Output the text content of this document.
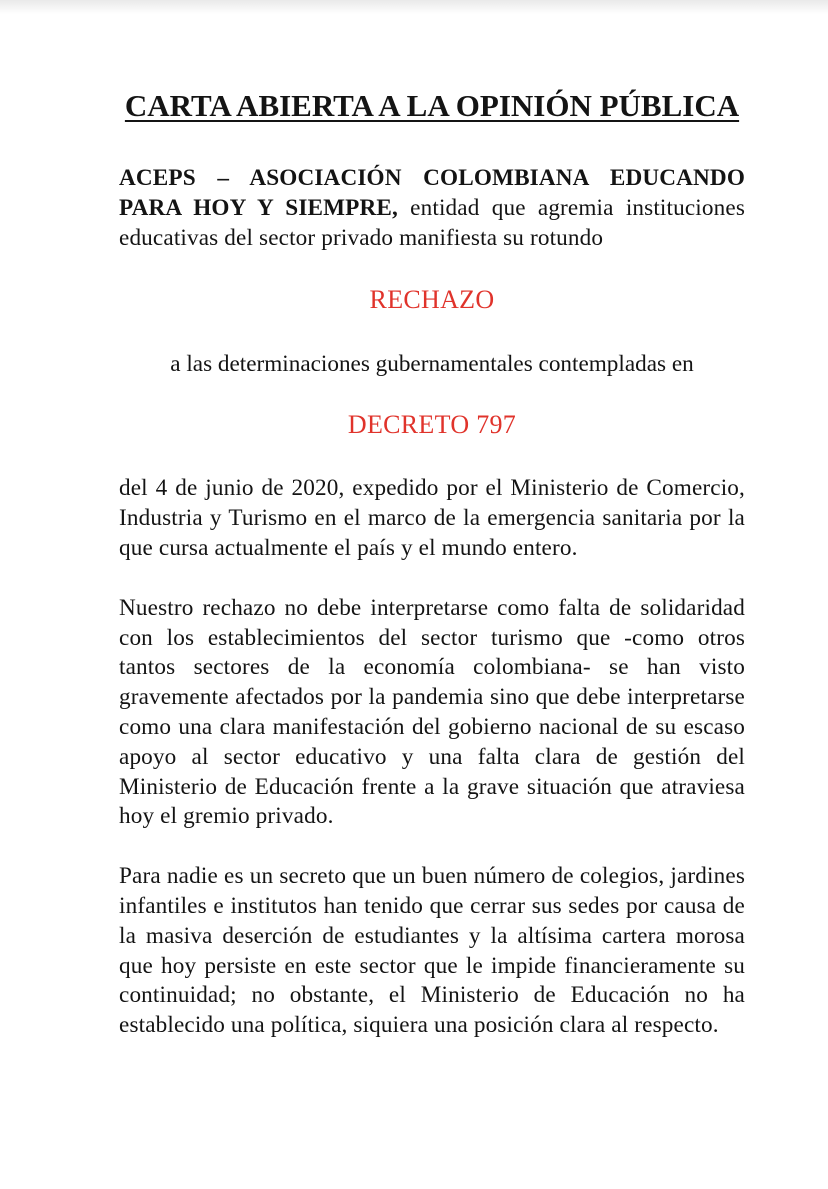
CARTA ABIERTA A LA OPINIÓN PÚBLICA

ACEPS – ASOCIACIÓN COLOMBIANA EDUCANDO PARA HOY Y SIEMPRE, entidad que agremia instituciones educativas del sector privado manifiesta su rotundo

RECHAZO

a las determinaciones gubernamentales contempladas en

DECRETO 797

del 4 de junio de 2020, expedido por el Ministerio de Comercio, Industria y Turismo en el marco de la emergencia sanitaria por la que cursa actualmente el país y el mundo entero.

Nuestro rechazo no debe interpretarse como falta de solidaridad con los establecimientos del sector turismo que -como otros tantos sectores de la economía colombiana- se han visto gravemente afectados por la pandemia sino que debe interpretarse como una clara manifestación del gobierno nacional de su escaso apoyo al sector educativo y una falta clara de gestión del Ministerio de Educación frente a la grave situación que atraviesa hoy el gremio privado.

Para nadie es un secreto que un buen número de colegios, jardines infantiles e institutos han tenido que cerrar sus sedes por causa de la masiva deserción de estudiantes y la altísima cartera morosa que hoy persiste en este sector que le impide financieramente su continuidad; no obstante, el Ministerio de Educación no ha establecido una política, siquiera una posición clara al respecto.
